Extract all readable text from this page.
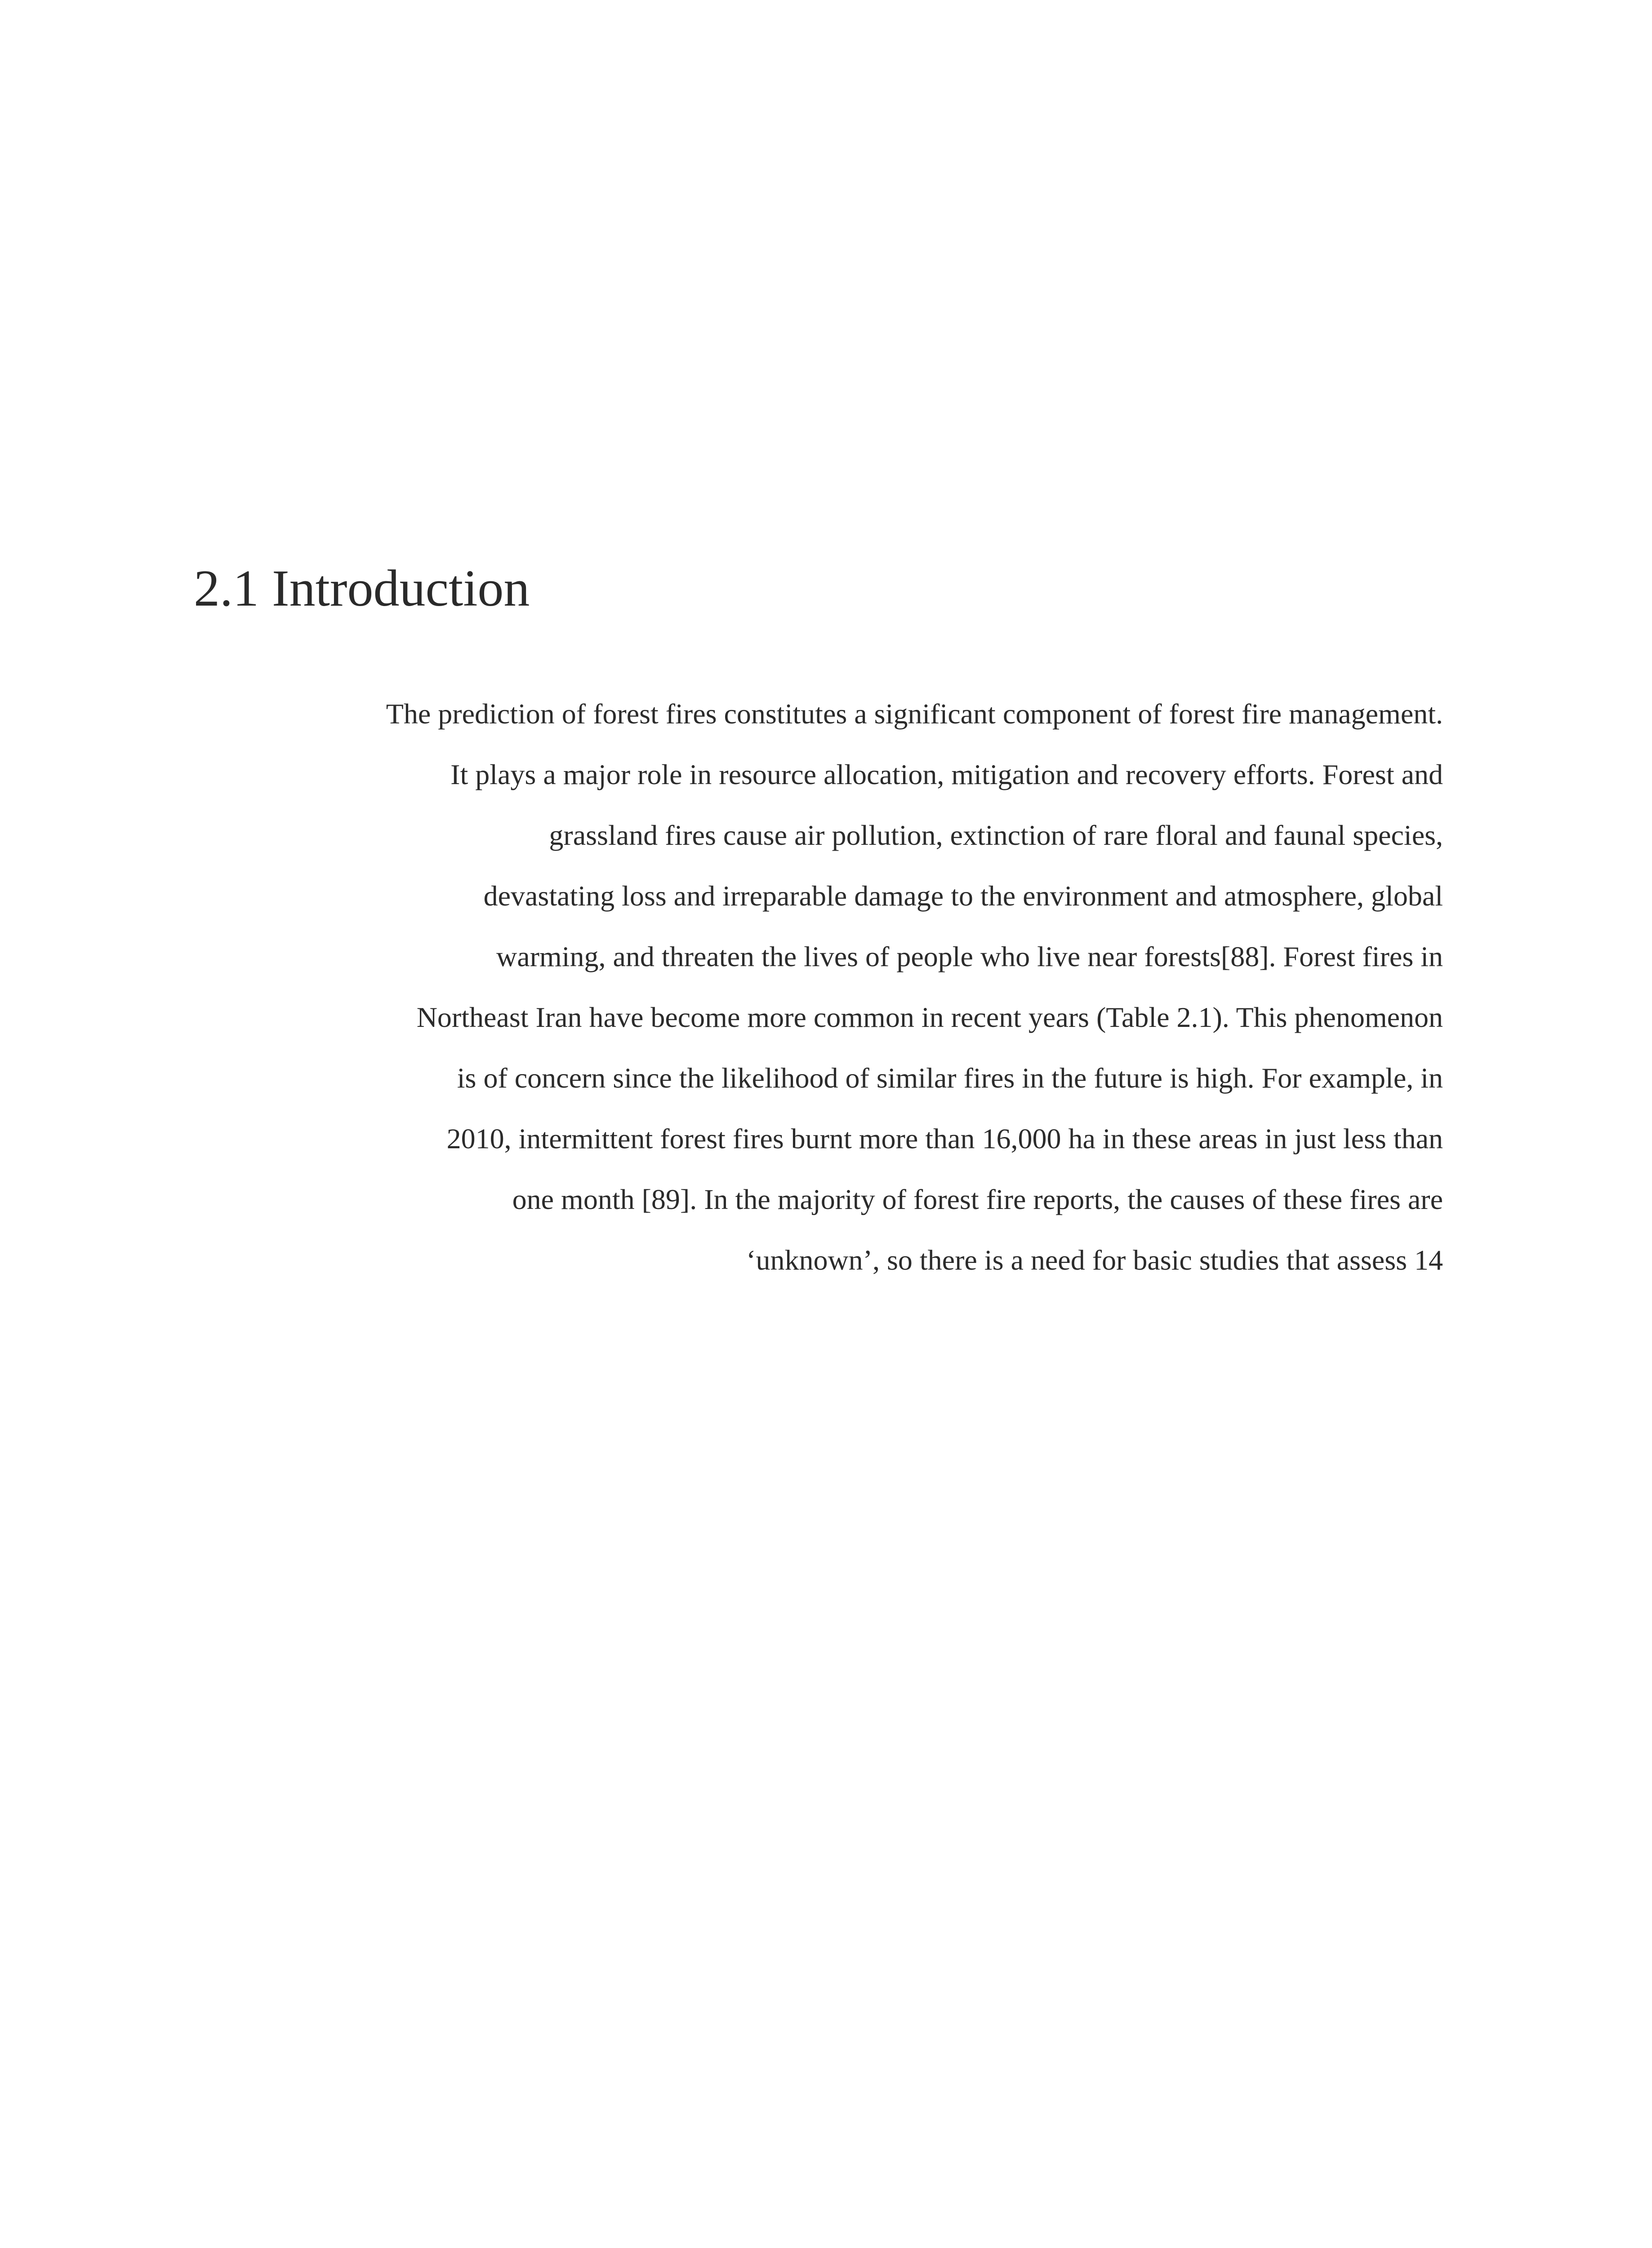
2.1 Introduction
The prediction of forest fires constitutes a significant component of forest fire management.
It plays a major role in resource allocation, mitigation and recovery efforts. Forest and
grassland fires cause air pollution, extinction of rare floral and faunal species,
devastating loss and irreparable damage to the environment and atmosphere, global
warming, and threaten the lives of people who live near forests[88]. Forest fires in
Northeast Iran have become more common in recent years (Table 2.1). This phenomenon
is of concern since the likelihood of similar fires in the future is high. For example, in
2010, intermittent forest fires burnt more than 16,000 ha in these areas in just less than
one month [89]. In the majority of forest fire reports, the causes of these fires are
‘unknown’, so there is a need for basic studies that assess 14
